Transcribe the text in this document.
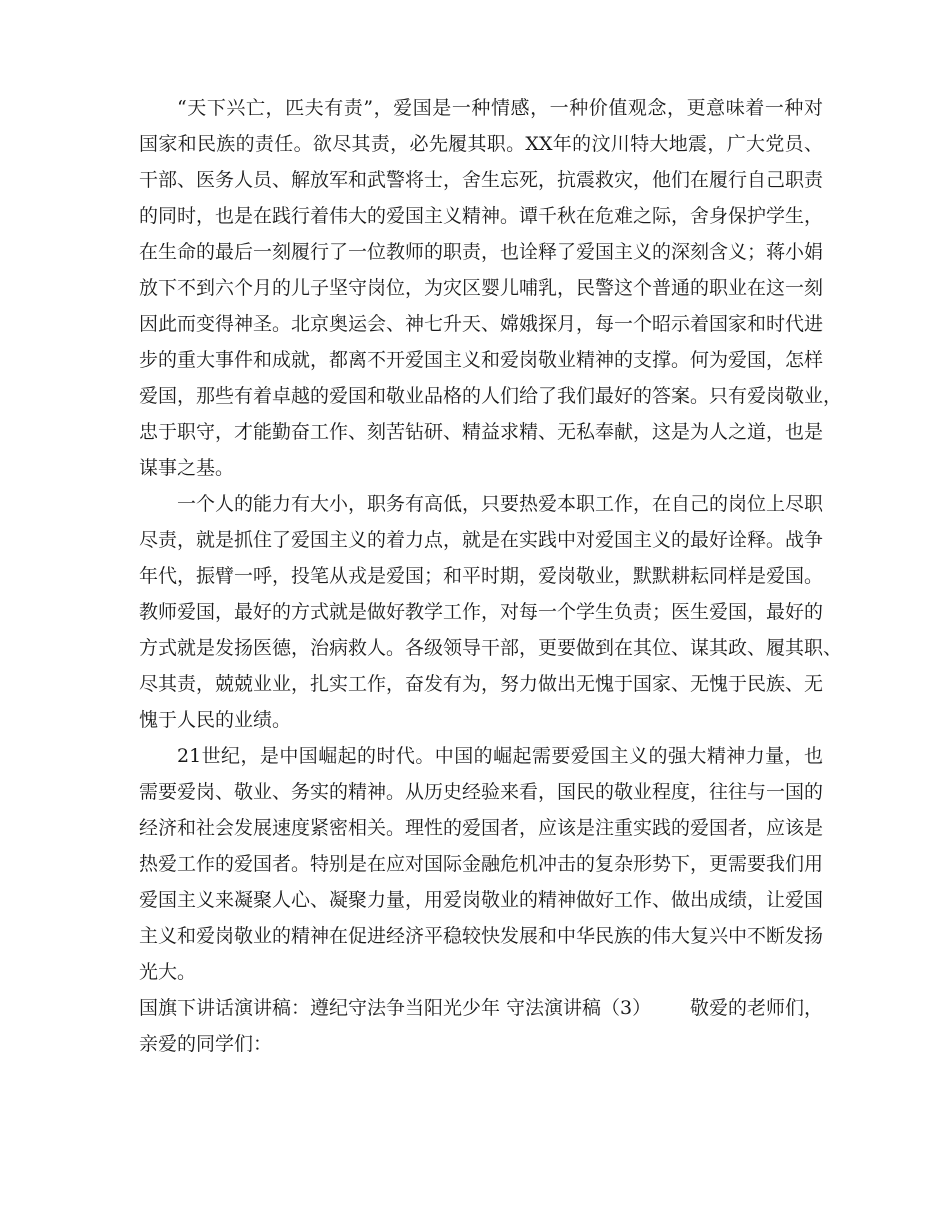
“天下兴亡，匹夫有责”，爱国是一种情感，一种价值观念，更意味着一种对
国家和民族的责任。欲尽其责，必先履其职。XX年的汶川特大地震，广大党员、
干部、医务人员、解放军和武警将士，舍生忘死，抗震救灾，他们在履行自己职责
的同时，也是在践行着伟大的爱国主义精神。谭千秋在危难之际，舍身保护学生，
在生命的最后一刻履行了一位教师的职责，也诠释了爱国主义的深刻含义；蒋小娟
放下不到六个月的儿子坚守岗位，为灾区婴儿哺乳，民警这个普通的职业在这一刻
因此而变得神圣。北京奥运会、神七升天、嫦娥探月，每一个昭示着国家和时代进
步的重大事件和成就，都离不开爱国主义和爱岗敬业精神的支撑。何为爱国，怎样
爱国，那些有着卓越的爱国和敬业品格的人们给了我们最好的答案。只有爱岗敬业，
忠于职守，才能勤奋工作、刻苦钻研、精益求精、无私奉献，这是为人之道，也是
谋事之基。
一个人的能力有大小，职务有高低，只要热爱本职工作，在自己的岗位上尽职
尽责，就是抓住了爱国主义的着力点，就是在实践中对爱国主义的最好诠释。战争
年代，振臂一呼，投笔从戎是爱国；和平时期，爱岗敬业，默默耕耘同样是爱国。
教师爱国，最好的方式就是做好教学工作，对每一个学生负责；医生爱国，最好的
方式就是发扬医德，治病救人。各级领导干部，更要做到在其位、谋其政、履其职、
尽其责，兢兢业业，扎实工作，奋发有为，努力做出无愧于国家、无愧于民族、无
愧于人民的业绩。
21世纪，是中国崛起的时代。中国的崛起需要爱国主义的强大精神力量，也
需要爱岗、敬业、务实的精神。从历史经验来看，国民的敬业程度，往往与一国的
经济和社会发展速度紧密相关。理性的爱国者，应该是注重实践的爱国者，应该是
热爱工作的爱国者。特别是在应对国际金融危机冲击的复杂形势下，更需要我们用
爱国主义来凝聚人心、凝聚力量，用爱岗敬业的精神做好工作、做出成绩，让爱国
主义和爱岗敬业的精神在促进经济平稳较快发展和中华民族的伟大复兴中不断发扬
光大。
国旗下讲话演讲稿：遵纪守法争当阳光少年 守法演讲稿（3） 敬爱的老师们，
亲爱的同学们：
